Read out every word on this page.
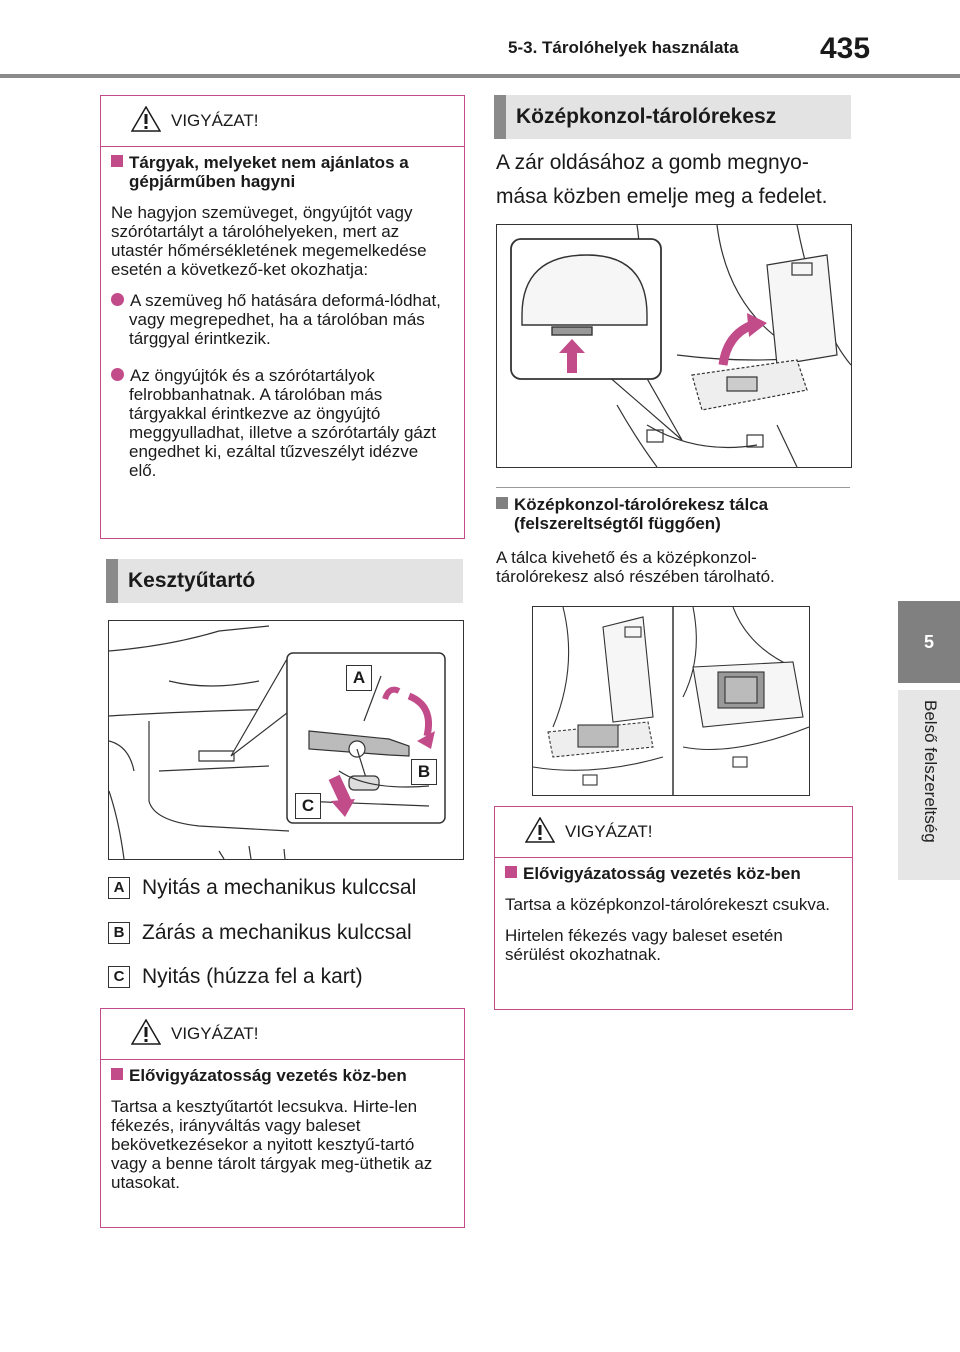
5-3. Tárolóhelyek használata	435
5
Belső felszereltség
VIGYÁZAT!
Tárgyak, melyeket nem ajánlatos a gépjárműben hagyni
Ne hagyjon szemüveget, öngyújtót vagy szórótartályt a tárolóhelyeken, mert az utastér hőmérsékletének megemelkedése esetén a következő-ket okozhatja:
A szemüveg hő hatására deformá-lódhat, vagy megrepedhet, ha a tárolóban más tárggyal érintkezik.
Az öngyújtók és a szórótartályok felrobbanhatnak. A tárolóban más tárgyakkal érintkezve az öngyújtó meggyulladhat, illetve a szórótartály gázt engedhet ki, ezáltal tűzveszélyt idézve elő.
Kesztyűtartó
A
B
C
A Nyitás a mechanikus kulccsal
B Zárás a mechanikus kulccsal
C Nyitás (húzza fel a kart)
VIGYÁZAT!
Elővigyázatosság vezetés köz-ben
Tartsa a kesztyűtartót lecsukva. Hirte-len fékezés, irányváltás vagy baleset bekövetkezésekor a nyitott kesztyű-tartó vagy a benne tárolt tárgyak meg-üthetik az utasokat.
Középkonzol-tárolórekesz
A zár oldásához a gomb megnyo-mása közben emelje meg a fedelet.
Középkonzol-tárolórekesz tálca (felszereltségtől függően)
A tálca kivehető és a középkonzol-tárolórekesz alsó részében tárolható.
VIGYÁZAT!
Elővigyázatosság vezetés köz-ben
Tartsa a középkonzol-tárolórekeszt csukva.
Hirtelen fékezés vagy baleset esetén sérülést okozhatnak.
